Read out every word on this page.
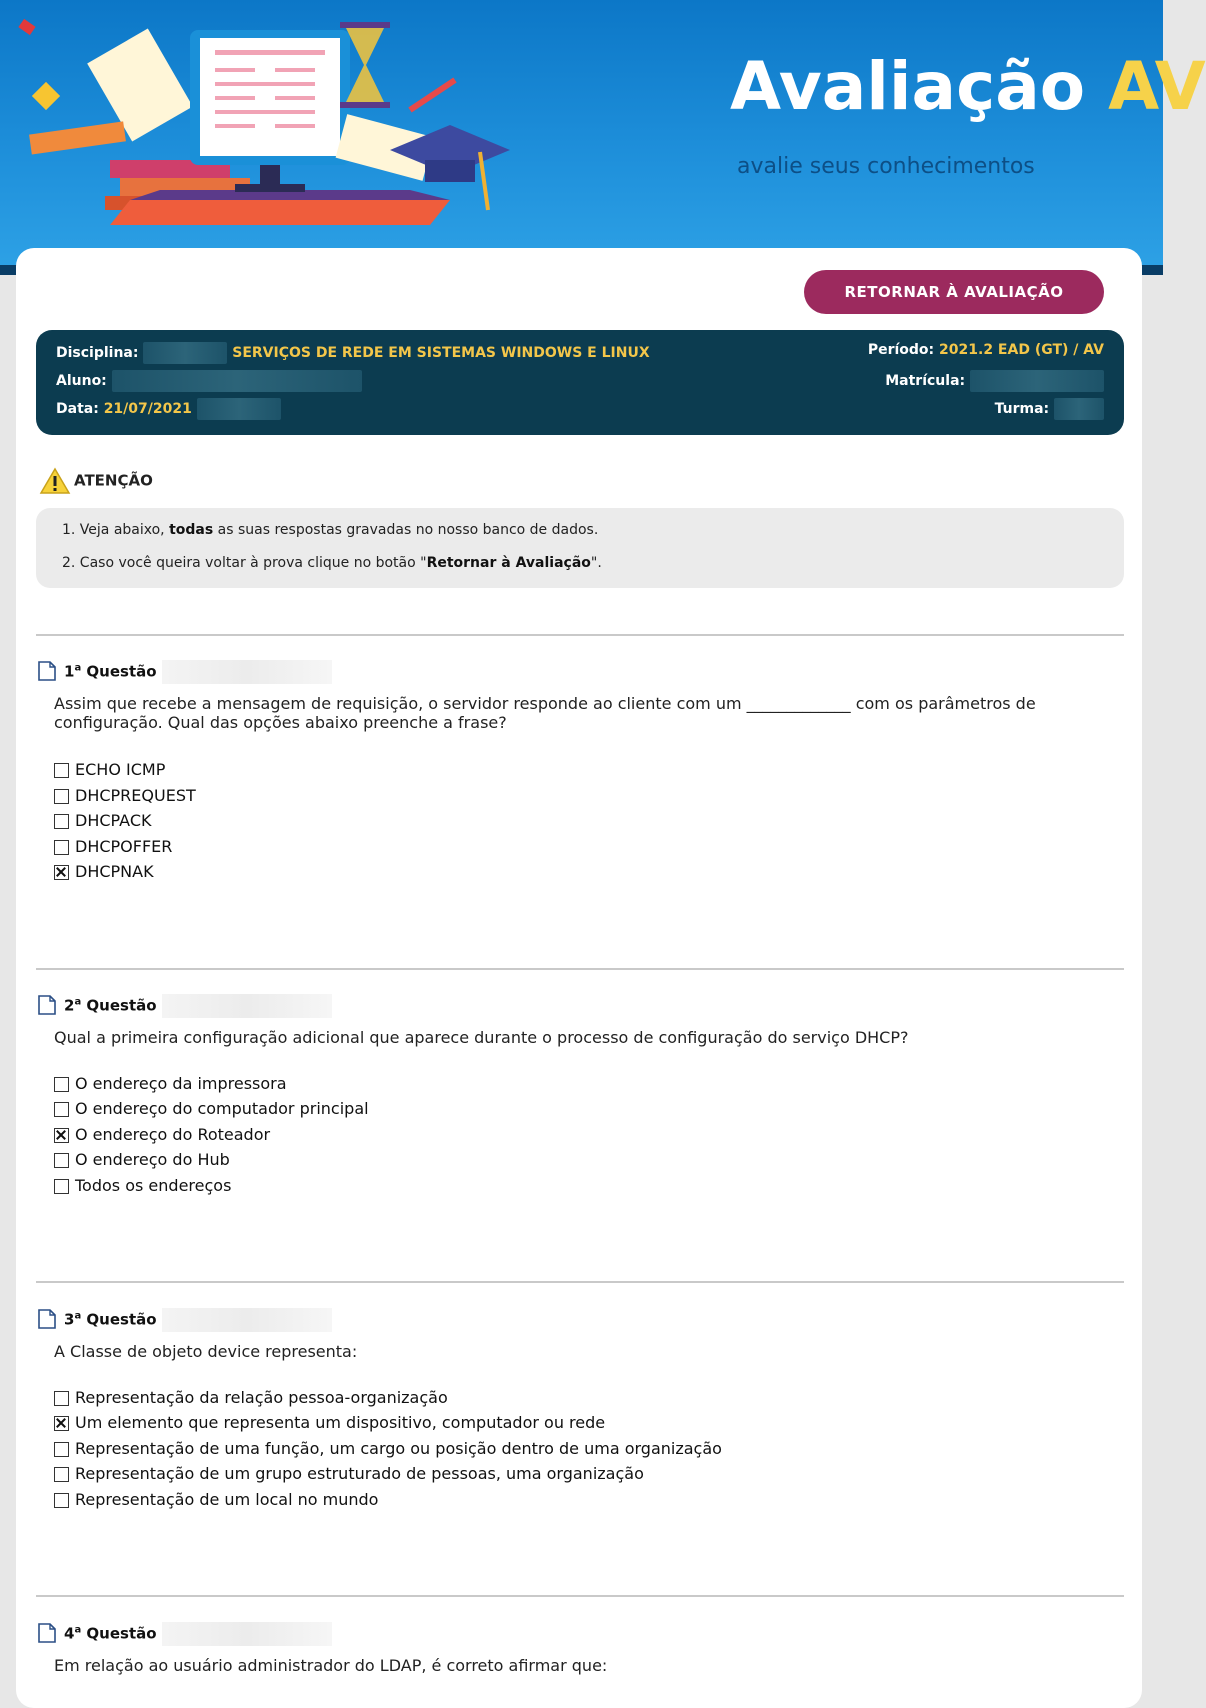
Avaliação AV
avalie seus conhecimentos
RETORNAR À AVALIAÇÃO
Disciplina:	SERVIÇOS DE REDE EM SISTEMAS WINDOWS E LINUX	Período: 2021.2 EAD (GT) / AV
Aluno:	Matrícula:
Data: 21/07/2021	Turma:
ATENÇÃO
1. Veja abaixo, todas as suas respostas gravadas no nosso banco de dados.
2. Caso você queira voltar à prova clique no botão "Retornar à Avaliação".
1$^a$ Questão
Assim que recebe a mensagem de requisição, o servidor responde ao cliente com um _____________ com os parâmetros de configuração. Qual das opções abaixo preenche a frase?
ECHO ICMP
DHCPREQUEST
DHCPACK
DHCPOFFER
DHCPNAK
2$^a$ Questão
Qual a primeira configuração adicional que aparece durante o processo de configuração do serviço DHCP?
O endereço da impressora
O endereço do computador principal
O endereço do Roteador
O endereço do Hub
Todos os endereços
3$^a$ Questão
A Classe de objeto device representa:
Representação da relação pessoa-organização
Um elemento que representa um dispositivo, computador ou rede
Representação de uma função, um cargo ou posição dentro de uma organização
Representação de um grupo estruturado de pessoas, uma organização
Representação de um local no mundo
4$^a$ Questão
Em relação ao usuário administrador do LDAP, é correto afirmar que:
